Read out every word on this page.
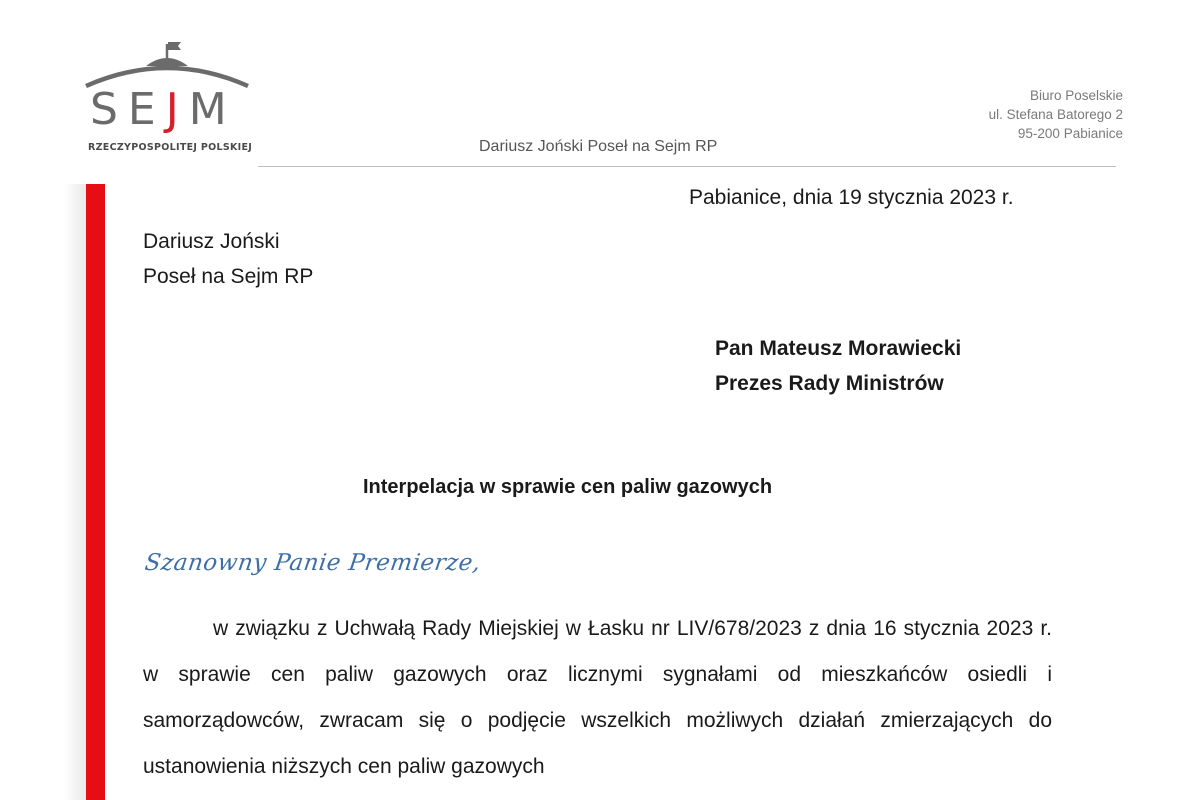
SEJM
RZECZYPOSPOLITEJ POLSKIEJ	Dariusz Joński Poseł na Sejm RP
Biuro Poselskie
ul. Stefana Batorego 2
95-200 Pabianice
Pabianice, dnia 19 stycznia 2023 r.
Dariusz Joński
Poseł na Sejm RP
Pan Mateusz Morawiecki
Prezes Rady Ministrów
Interpelacja w sprawie cen paliw gazowych
Szanowny Panie Premierze,

w związku z Uchwałą Rady Miejskiej w Łasku nr LIV/678/2023 z dnia 16 stycznia 2023 r. w sprawie cen paliw gazowych oraz licznymi sygnałami od mieszkańców osiedli i samorządowców, zwracam się o podjęcie wszelkich możliwych działań zmierzających do ustanowienia niższych cen paliw gazowych
